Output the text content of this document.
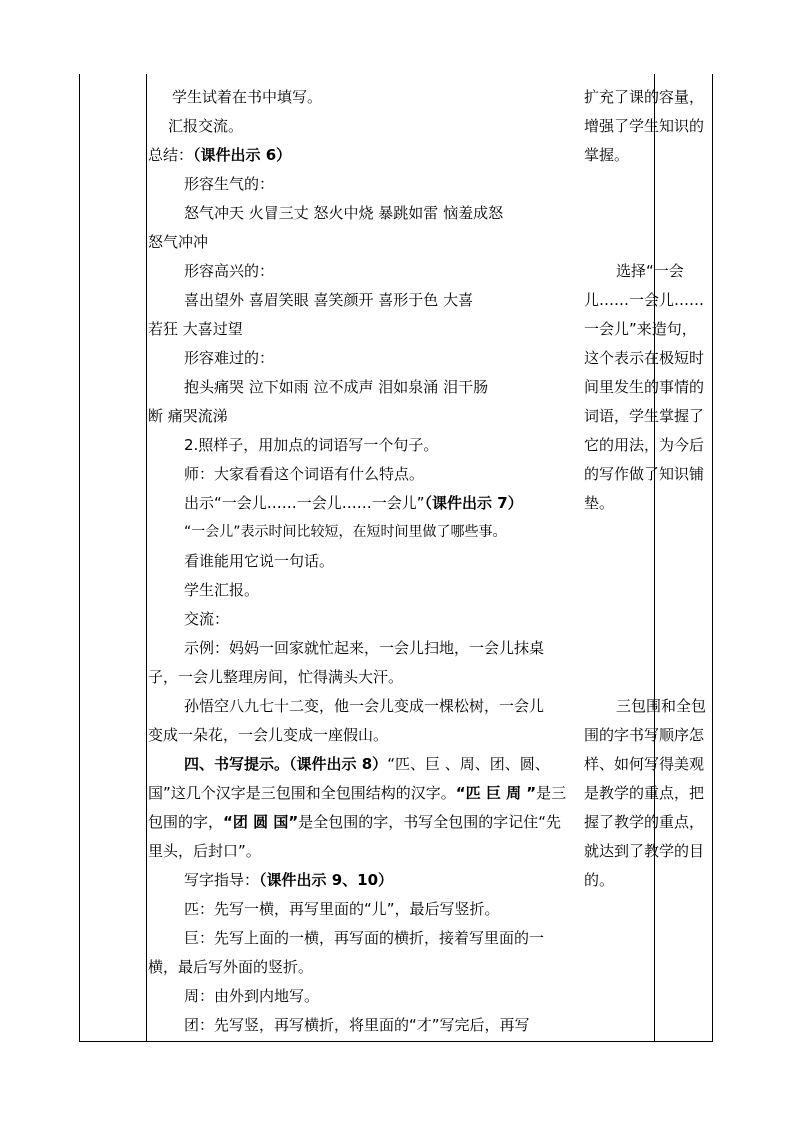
学生试着在书中填写。
汇报交流。
总结：（课件出示 6）
形容生气的：
怒气冲天 火冒三丈 怒火中烧 暴跳如雷 恼羞成怒
怒气冲冲
形容高兴的：
喜出望外 喜眉笑眼 喜笑颜开 喜形于色 大喜
若狂 大喜过望
形容难过的：
抱头痛哭 泣下如雨 泣不成声 泪如泉涌 泪干肠
断 痛哭流涕
2.照样子，用加点的词语写一个句子。
师：大家看看这个词语有什么特点。
出示“一会儿……一会儿……一会儿”（课件出示 7）
“一会儿”表示时间比较短，在短时间里做了哪些事。
看谁能用它说一句话。
学生汇报。
交流：
示例：妈妈一回家就忙起来，一会儿扫地，一会儿抹桌
子，一会儿整理房间，忙得满头大汗。
孙悟空八九七十二变，他一会儿变成一棵松树，一会儿
变成一朵花，一会儿变成一座假山。
四、书写提示。（课件出示 8）“匹、巨 、周、团、圆、
国”这几个汉字是三包围和全包围结构的汉字。“匹 巨 周 ”是三
包围的字，“团 圆 国”是全包围的字，书写全包围的字记住“先
里头，后封口”。
写字指导：（课件出示 9、10）
匹：先写一横，再写里面的“儿”，最后写竖折。
巨：先写上面的一横，再写面的横折，接着写里面的一
横，最后写外面的竖折。
周：由外到内地写。
团：先写竖，再写横折，将里面的“才”写完后，再写
扩充了课的容量，
增强了学生知识的
掌握。
选择“一会
儿……一会儿……
一会儿”来造句，
这个表示在极短时
间里发生的事情的
词语，学生掌握了
它的用法，为今后
的写作做了知识铺
垫。
三包围和全包
围的字书写顺序怎
样、如何写得美观
是教学的重点，把
握了教学的重点，
就达到了教学的目
的。
